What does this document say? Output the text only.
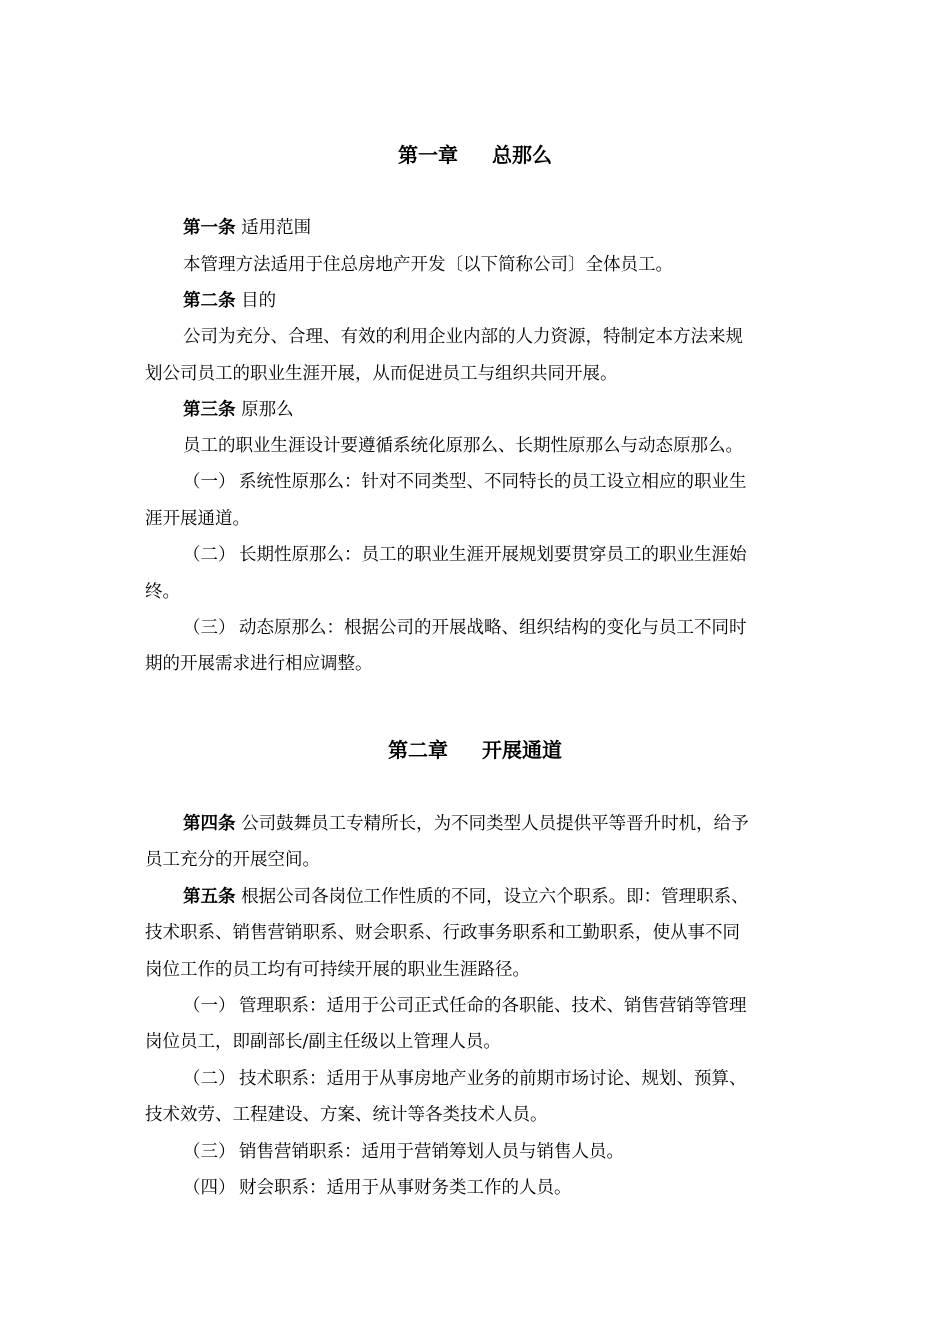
第一章 总那么
第一条 适用范围
本管理方法适用于住总房地产开发〔以下简称公司〕全体员工。
第二条 目的
公司为充分、合理、有效的利用企业内部的人力资源，特制定本方法来规
划公司员工的职业生涯开展，从而促进员工与组织共同开展。
第三条 原那么
员工的职业生涯设计要遵循系统化原那么、长期性原那么与动态原那么。
（一） 系统性原那么：针对不同类型、不同特长的员工设立相应的职业生
涯开展通道。
（二） 长期性原那么：员工的职业生涯开展规划要贯穿员工的职业生涯始
终。
（三） 动态原那么：根据公司的开展战略、组织结构的变化与员工不同时
期的开展需求进行相应调整。
第二章 开展通道
第四条 公司鼓舞员工专精所长，为不同类型人员提供平等晋升时机，给予
员工充分的开展空间。
第五条 根据公司各岗位工作性质的不同，设立六个职系。即：管理职系、
技术职系、销售营销职系、财会职系、行政事务职系和工勤职系，使从事不同
岗位工作的员工均有可持续开展的职业生涯路径。
（一） 管理职系：适用于公司正式任命的各职能、技术、销售营销等管理
岗位员工，即副部长/副主任级以上管理人员。
（二） 技术职系：适用于从事房地产业务的前期市场讨论、规划、预算、
技术效劳、工程建设、方案、统计等各类技术人员。
（三） 销售营销职系：适用于营销筹划人员与销售人员。
（四） 财会职系：适用于从事财务类工作的人员。
